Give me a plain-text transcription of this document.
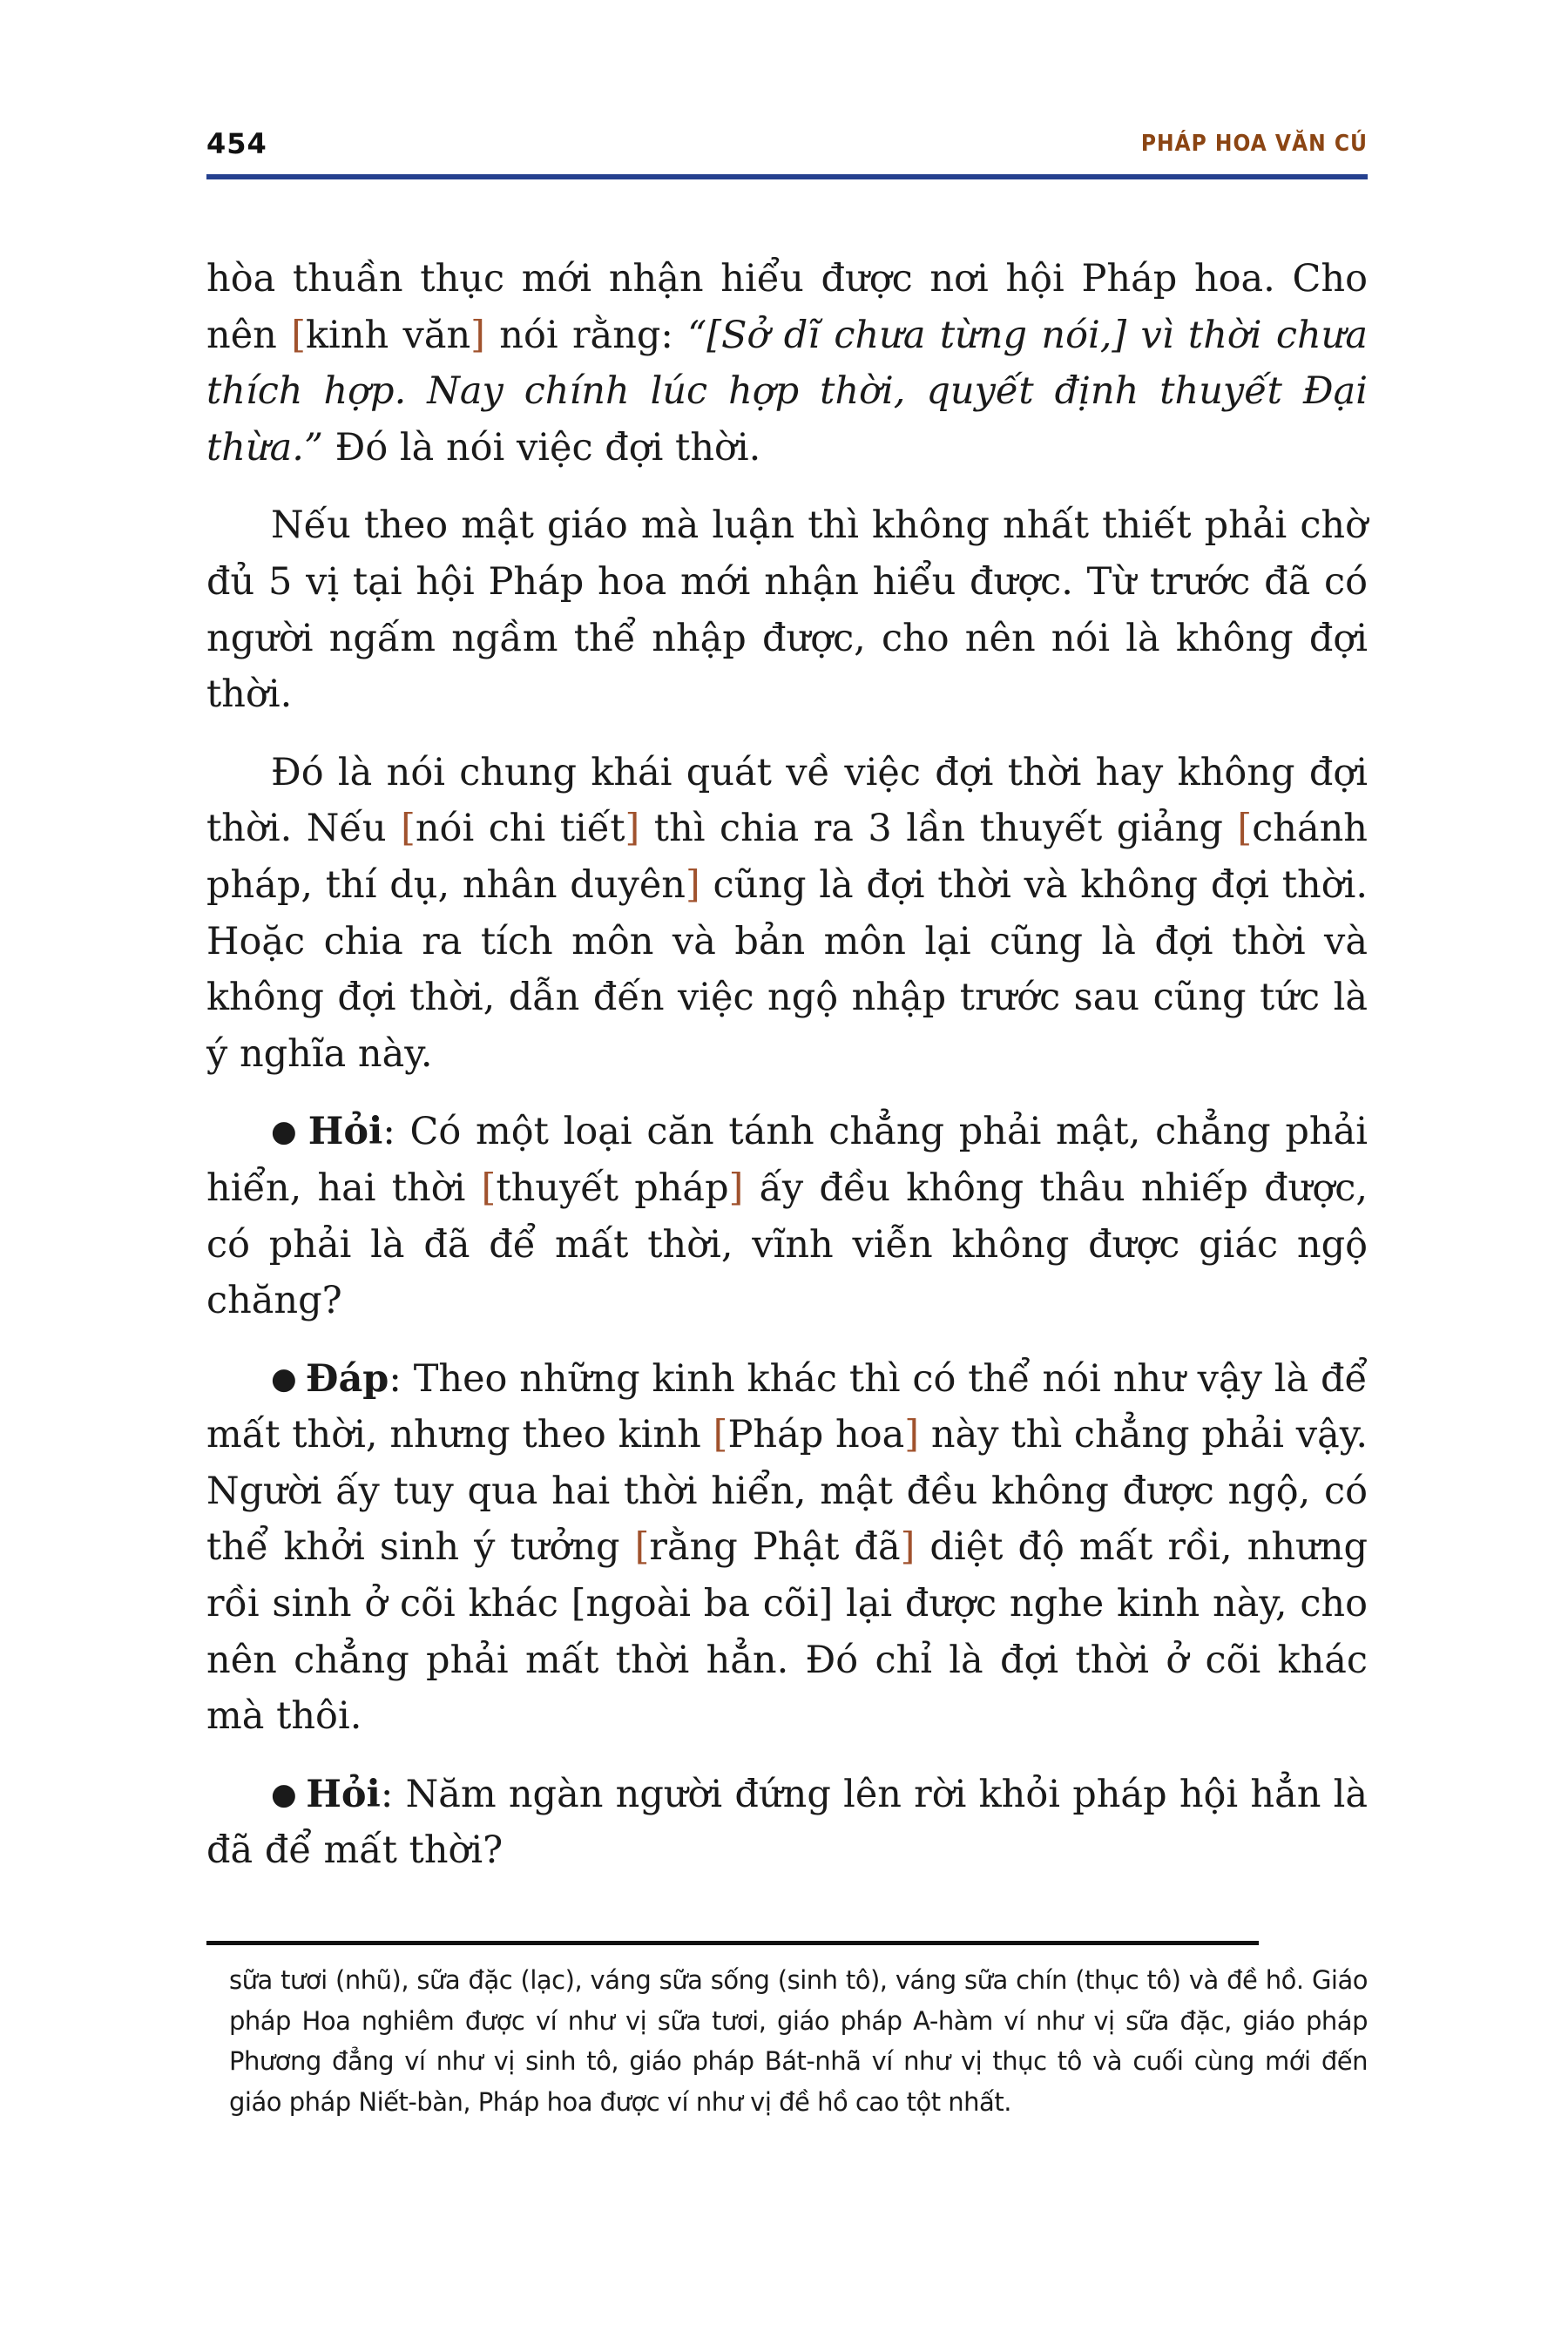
454	PHÁP HOA VĂN CÚ

hòa thuần thục mới nhận hiểu được nơi hội Pháp hoa. Cho nên [kinh văn] nói rằng: “[Sở dĩ chưa từng nói,] vì thời chưa thích hợp. Nay chính lúc hợp thời, quyết định thuyết Đại thừa.” Đó là nói việc đợi thời.

Nếu theo mật giáo mà luận thì không nhất thiết phải chờ đủ 5 vị tại hội Pháp hoa mới nhận hiểu được. Từ trước đã có người ngấm ngầm thể nhập được, cho nên nói là không đợi thời.

Đó là nói chung khái quát về việc đợi thời hay không đợi thời. Nếu [nói chi tiết] thì chia ra 3 lần thuyết giảng [chánh pháp, thí dụ, nhân duyên] cũng là đợi thời và không đợi thời. Hoặc chia ra tích môn và bản môn lại cũng là đợi thời và không đợi thời, dẫn đến việc ngộ nhập trước sau cũng tức là ý nghĩa này.

● Hỏi: Có một loại căn tánh chẳng phải mật, chẳng phải hiển, hai thời [thuyết pháp] ấy đều không thâu nhiếp được, có phải là đã để mất thời, vĩnh viễn không được giác ngộ chăng?

● Đáp: Theo những kinh khác thì có thể nói như vậy là để mất thời, nhưng theo kinh [Pháp hoa] này thì chẳng phải vậy. Người ấy tuy qua hai thời hiển, mật đều không được ngộ, có thể khởi sinh ý tưởng [rằng Phật đã] diệt độ mất rồi, nhưng rồi sinh ở cõi khác [ngoài ba cõi] lại được nghe kinh này, cho nên chẳng phải mất thời hẳn. Đó chỉ là đợi thời ở cõi khác mà thôi.

● Hỏi: Năm ngàn người đứng lên rời khỏi pháp hội hẳn là đã để mất thời?

sữa tươi (nhũ), sữa đặc (lạc), váng sữa sống (sinh tô), váng sữa chín (thục tô) và đề hồ. Giáo pháp Hoa nghiêm được ví như vị sữa tươi, giáo pháp A-hàm ví như vị sữa đặc, giáo pháp Phương đẳng ví như vị sinh tô, giáo pháp Bát-nhã ví như vị thục tô và cuối cùng mới đến giáo pháp Niết-bàn, Pháp hoa được ví như vị đề hồ cao tột nhất.
